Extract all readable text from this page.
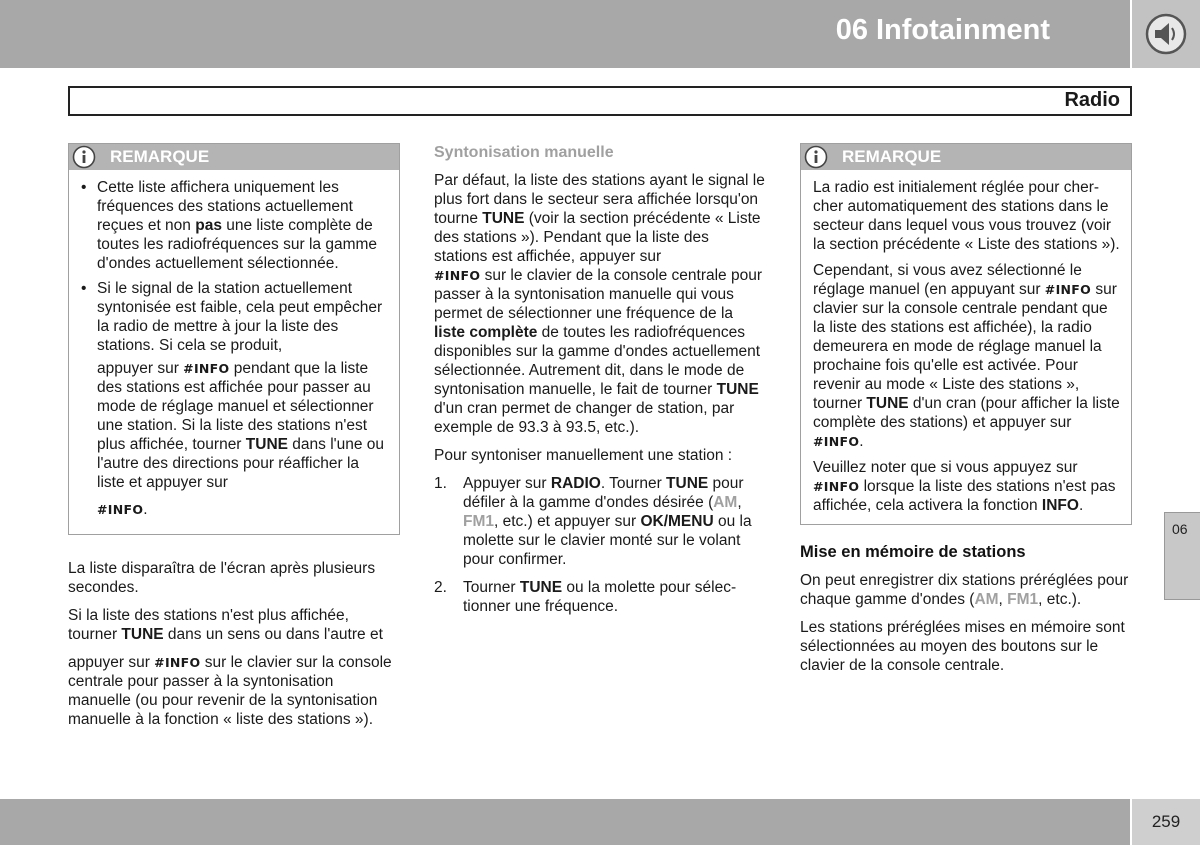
06 Infotainment
Radio
REMARQUE
• Cette liste affichera uniquement les fréquences des stations actuellement reçues et non pas une liste complète de toutes les radiofréquences sur la gamme d'ondes actuellement sélectionnée.
• Si le signal de la station actuellement syntonisée est faible, cela peut empêcher la radio de mettre à jour la liste des stations. Si cela se produit,
appuyer sur #INFO pendant que la liste des stations est affichée pour passer au mode de réglage manuel et sélectionner une station. Si la liste des stations n'est plus affichée, tourner TUNE dans l'une ou l'autre des directions pour réafficher la liste et appuyer sur
#INFO.

La liste disparaîtra de l'écran après plusieurs secondes.

Si la liste des stations n'est plus affichée, tourner TUNE dans un sens ou dans l'autre et

appuyer sur #INFO sur le clavier sur la console centrale pour passer à la syntonisation manuelle (ou pour revenir de la syntonisation manuelle à la fonction « liste des stations »).

Syntonisation manuelle

Par défaut, la liste des stations ayant le signal le plus fort dans le secteur sera affichée lorsqu'on tourne TUNE (voir la section précédente « Liste des stations »). Pendant que la liste des stations est affichée, appuyer sur
#INFO sur le clavier de la console centrale pour passer à la syntonisation manuelle qui vous permet de sélectionner une fréquence de la liste complète de toutes les radiofréquences disponibles sur la gamme d'ondes actuellement sélectionnée. Autrement dit, dans le mode de syntonisation manuelle, le fait de tourner TUNE d'un cran permet de changer de station, par exemple de 93.3 à 93.5, etc.).

Pour syntoniser manuellement une station :

1. Appuyer sur RADIO. Tourner TUNE pour défiler à la gamme d'ondes désirée (AM, FM1, etc.) et appuyer sur OK/MENU ou la molette sur le clavier monté sur le volant pour confirmer.
2. Tourner TUNE ou la molette pour sélectionner une fréquence.
REMARQUE

La radio est initialement réglée pour chercher automatiquement des stations dans le secteur dans lequel vous vous trouvez (voir la section précédente « Liste des stations »).

Cependant, si vous avez sélectionné le
réglage manuel (en appuyant sur #INFO sur clavier sur la console centrale pendant que la liste des stations est affichée), la radio demeurera en mode de réglage manuel la prochaine fois qu'elle est activée. Pour revenir au mode « Liste des stations », tourner TUNE d'un cran (pour afficher la liste complète des stations) et appuyer sur
#INFO.

Veuillez noter que si vous appuyez sur
#INFO lorsque la liste des stations n'est pas affichée, cela activera la fonction INFO.

Mise en mémoire de stations

On peut enregistrer dix stations préréglées pour chaque gamme d'ondes (AM, FM1, etc.).

Les stations préréglées mises en mémoire sont sélectionnées au moyen des boutons sur le clavier de la console centrale.

06
259
